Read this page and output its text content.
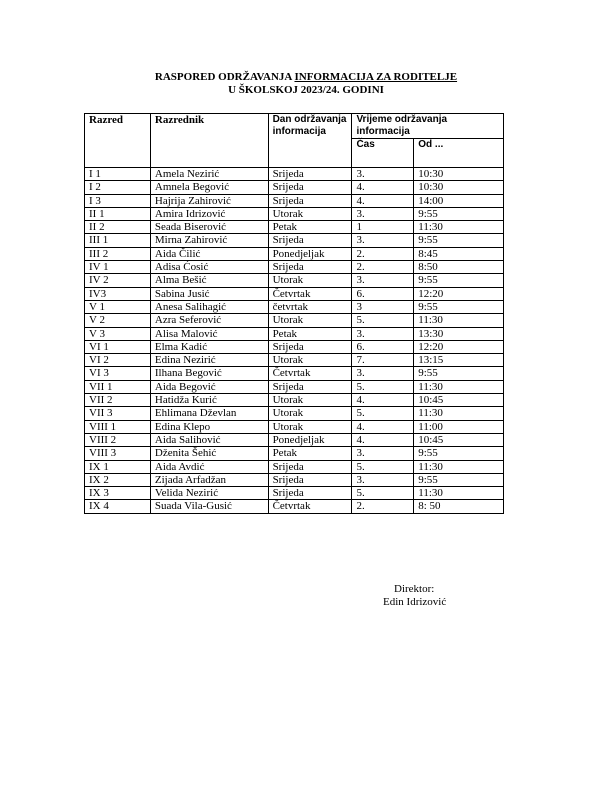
RASPORED ODRŽAVANJA INFORMACIJA ZA RODITELJE
U ŠKOLSKOJ 2023/24. GODINI
Razred	Razrednik	Dan održavanja informacija	Vrijeme održavanja informacija	
			Čas	Od ...
I 1	Amela Nezirić	Srijeda	3.	10:30
I 2	Amnela Begović	Srijeda	4.	10:30
I 3	Hajrija Zahirović	Srijeda	4.	14:00
II 1	Amira Idrizović	Utorak	3.	9:55
II 2	Seada Biserović	Petak	1	11:30
III 1	Mirna Zahirović	Srijeda	3.	9:55
III 2	Aida Čilić	Ponedjeljak	2.	8:45
IV 1	Adisa Ćosić	Srijeda	2.	8:50
IV 2	Alma Bešić	Utorak	3.	9:55
IV3	Sabina Jusić	Četvrtak	6.	12:20
V 1	Anesa Salihagić	četvrtak	3	9:55
V 2	Azra Seferović	Utorak	5.	11:30
V 3	Alisa Malović	Petak	3.	13:30
VI 1	Elma Kadić	Srijeda	6.	12:20
VI 2	Edina Nezirić	Utorak	7.	13:15
VI 3	Ilhana Begović	Četvrtak	3.	9:55
VII 1	Aida Begović	Srijeda	5.	11:30
VII 2	Hatidža Kurić	Utorak	4.	10:45
VII 3	Ehlimana Dževlan	Utorak	5.	11:30
VIII 1	Edina Klepo	Utorak	4.	11:00
VIII 2	Aida Salihović	Ponedjeljak	4.	10:45
VIII 3	Dženita Šehić	Petak	3.	9:55
IX 1	Aida Avdić	Srijeda	5.	11:30
IX 2	Zijada Arfadžan	Srijeda	3.	9:55
IX 3	Velida Nezirić	Srijeda	5.	11:30
IX 4	Suada Vila-Gusić	Četvrtak	2.	8: 50
Direktor:
Edin Idrizović
